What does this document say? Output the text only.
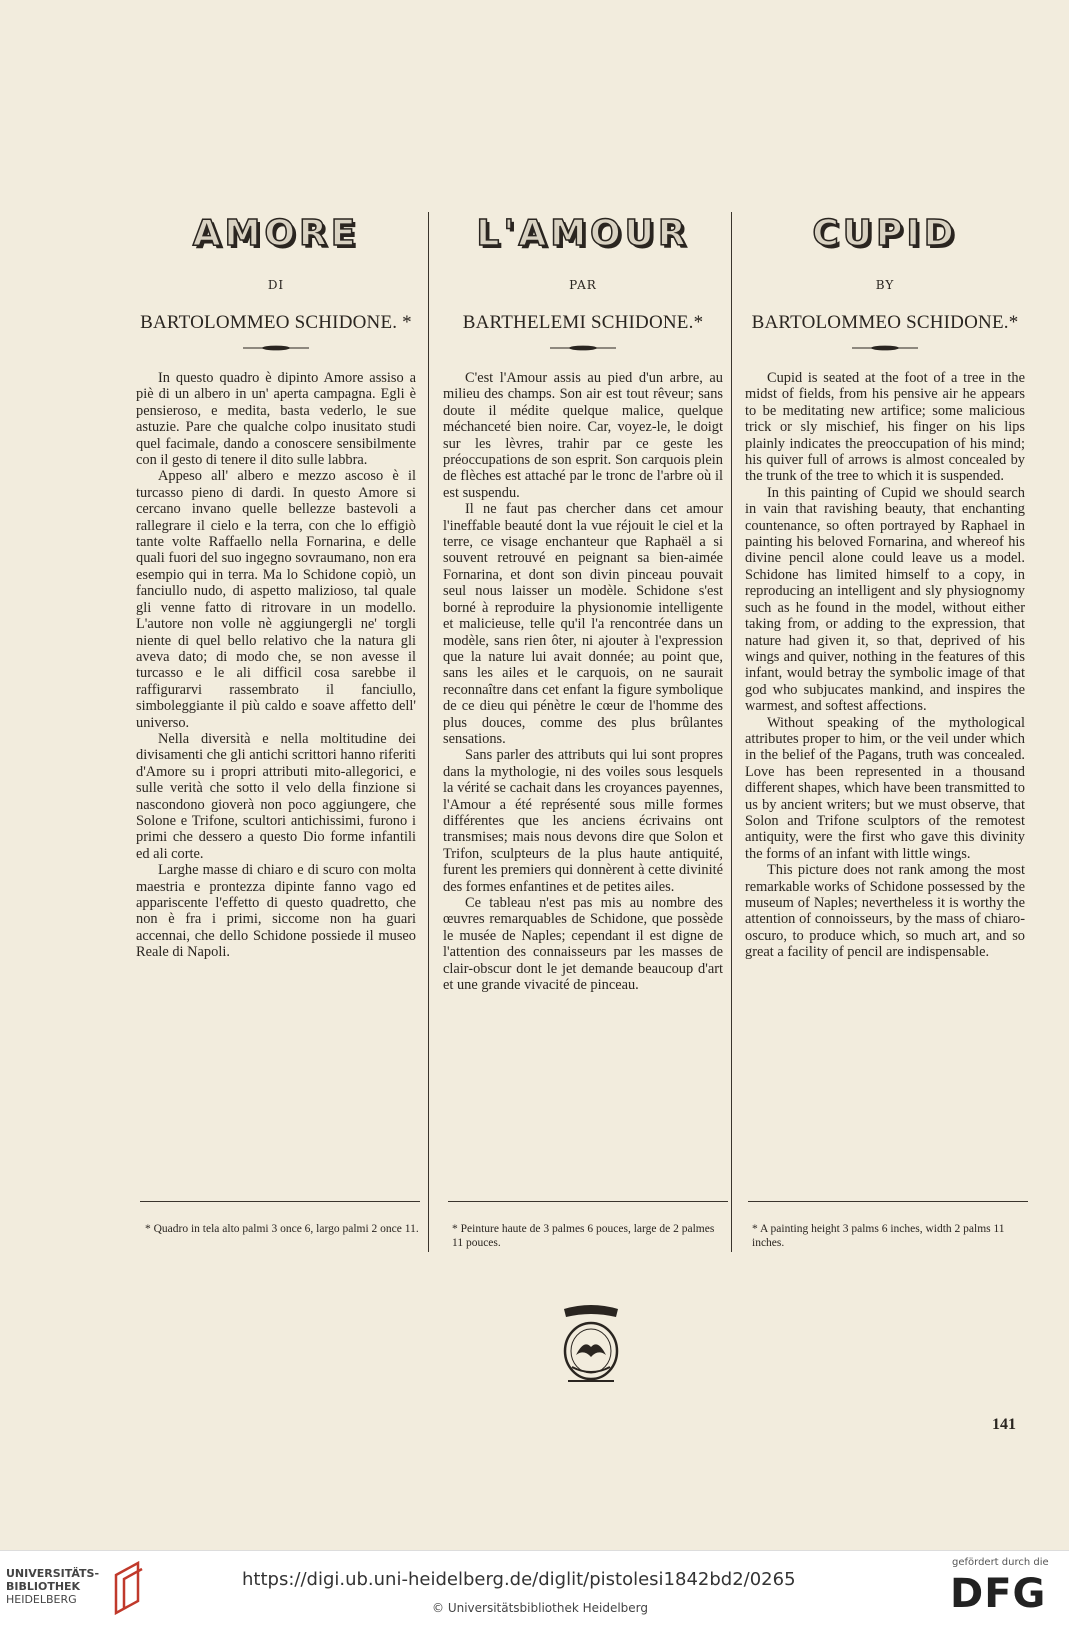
AMORE
DI
BARTOLOMMEO SCHIDONE. *

In questo quadro è dipinto Amore assiso a piè di un albero in un' aperta campagna. Egli è pensieroso, e medita, basta vederlo, le sue astuzie. Pare che qualche colpo inusitato studi quel facimale, dando a conoscere sensibilmente con il gesto di tenere il dito sulle labbra.

Appeso all' albero e mezzo ascoso è il turcasso pieno di dardi. In questo Amore si cercano invano quelle bellezze bastevoli a rallegrare il cielo e la terra, con che lo effigiò tante volte Raffaello nella Fornarina, e delle quali fuori del suo ingegno sovraumano, non era esempio qui in terra. Ma lo Schidone copiò, un fanciullo nudo, di aspetto malizioso, tal quale gli venne fatto di ritrovare in un modello. L'autore non volle nè aggiungergli ne' torgli niente di quel bello relativo che la natura gli aveva dato; di modo che, se non avesse il turcasso e le ali difficil cosa sarebbe il raffigurarvi rassembrato il fanciullo, simboleggiante il più caldo e soave affetto dell' universo.

Nella diversità e nella moltitudine dei divisamenti che gli antichi scrittori hanno riferiti d'Amore su i propri attributi mito-allegorici, e sulle verità che sotto il velo della finzione si nascondono gioverà non poco aggiungere, che Solone e Trifone, scultori antichissimi, furono i primi che dessero a questo Dio forme infantili ed ali corte.

Larghe masse di chiaro e di scuro con molta maestria e prontezza dipinte fanno vago ed appariscente l'effetto di questo quadretto, che non è fra i primi, siccome non ha guari accennai, che dello Schidone possiede il museo Reale di Napoli.

L'AMOUR
PAR
BARTHELEMI SCHIDONE.*

C'est l'Amour assis au pied d'un arbre, au milieu des champs. Son air est tout rêveur; sans doute il médite quelque malice, quelque méchanceté bien noire. Car, voyez-le, le doigt sur les lèvres, trahir par ce geste les préoccupations de son esprit. Son carquois plein de flèches est attaché par le tronc de l'arbre où il est suspendu.

Il ne faut pas chercher dans cet amour l'ineffable beauté dont la vue réjouit le ciel et la terre, ce visage enchanteur que Raphaël a si souvent retrouvé en peignant sa bien-aimée Fornarina, et dont son divin pinceau pouvait seul nous laisser un modèle. Schidone s'est borné à reproduire la physionomie intelligente et malicieuse, telle qu'il l'a rencontrée dans un modèle, sans rien ôter, ni ajouter à l'expression que la nature lui avait donnée; au point que, sans les ailes et le carquois, on ne saurait reconnaître dans cet enfant la figure symbolique de ce dieu qui pénètre le cœur de l'homme des plus douces, comme des plus brûlantes sensations.

Sans parler des attributs qui lui sont propres dans la mythologie, ni des voiles sous lesquels la vérité se cachait dans les croyances payennes, l'Amour a été représenté sous mille formes différentes que les anciens écrivains ont transmises; mais nous devons dire que Solon et Trifon, sculpteurs de la plus haute antiquité, furent les premiers qui donnèrent à cette divinité des formes enfantines et de petites ailes.

Ce tableau n'est pas mis au nombre des œuvres remarquables de Schidone, que possède le musée de Naples; cependant il est digne de l'attention des connaisseurs par les masses de clair-obscur dont le jet demande beaucoup d'art et une grande vivacité de pinceau.

CUPID
BY
BARTOLOMMEO SCHIDONE.*

Cupid is seated at the foot of a tree in the midst of fields, from his pensive air he appears to be meditating new artifice; some malicious trick or sly mischief, his finger on his lips plainly indicates the preoccupation of his mind; his quiver full of arrows is almost concealed by the trunk of the tree to which it is suspended.

In this painting of Cupid we should search in vain that ravishing beauty, that enchanting countenance, so often portrayed by Raphael in painting his beloved Fornarina, and whereof his divine pencil alone could leave us a model. Schidone has limited himself to a copy, in reproducing an intelligent and sly physiognomy such as he found in the model, without either taking from, or adding to the expression, that nature had given it, so that, deprived of his wings and quiver, nothing in the features of this infant, would betray the symbolic image of that god who subjucates mankind, and inspires the warmest, and softest affections.

Without speaking of the mythological attributes proper to him, or the veil under which in the belief of the Pagans, truth was concealed. Love has been represented in a thousand different shapes, which have been transmitted to us by ancient writers; but we must observe, that Solon and Trifone sculptors of the remotest antiquity, were the first who gave this divinity the forms of an infant with little wings.

This picture does not rank among the most remarkable works of Schidone possessed by the museum of Naples; nevertheless it is worthy the attention of connoisseurs, by the mass of chiaro-oscuro, to produce which, so much art, and so great a facility of pencil are indispensable.

* Quadro in tela alto palmi 3 once 6, largo palmi 2 once 11.	* Peinture haute de 3 palmes 6 pouces, large de 2 palmes 11 pouces.
* A painting height 3 palms 6 inches, width 2 palms 11 inches.
141
UNIVERSITÄTS-
BIBLIOTHEK
HEIDELBERG
https://digi.ub.uni-heidelberg.de/diglit/pistolesi1842bd2/0265
© Universitätsbibliothek Heidelberg
gefördert durch die
DFG
